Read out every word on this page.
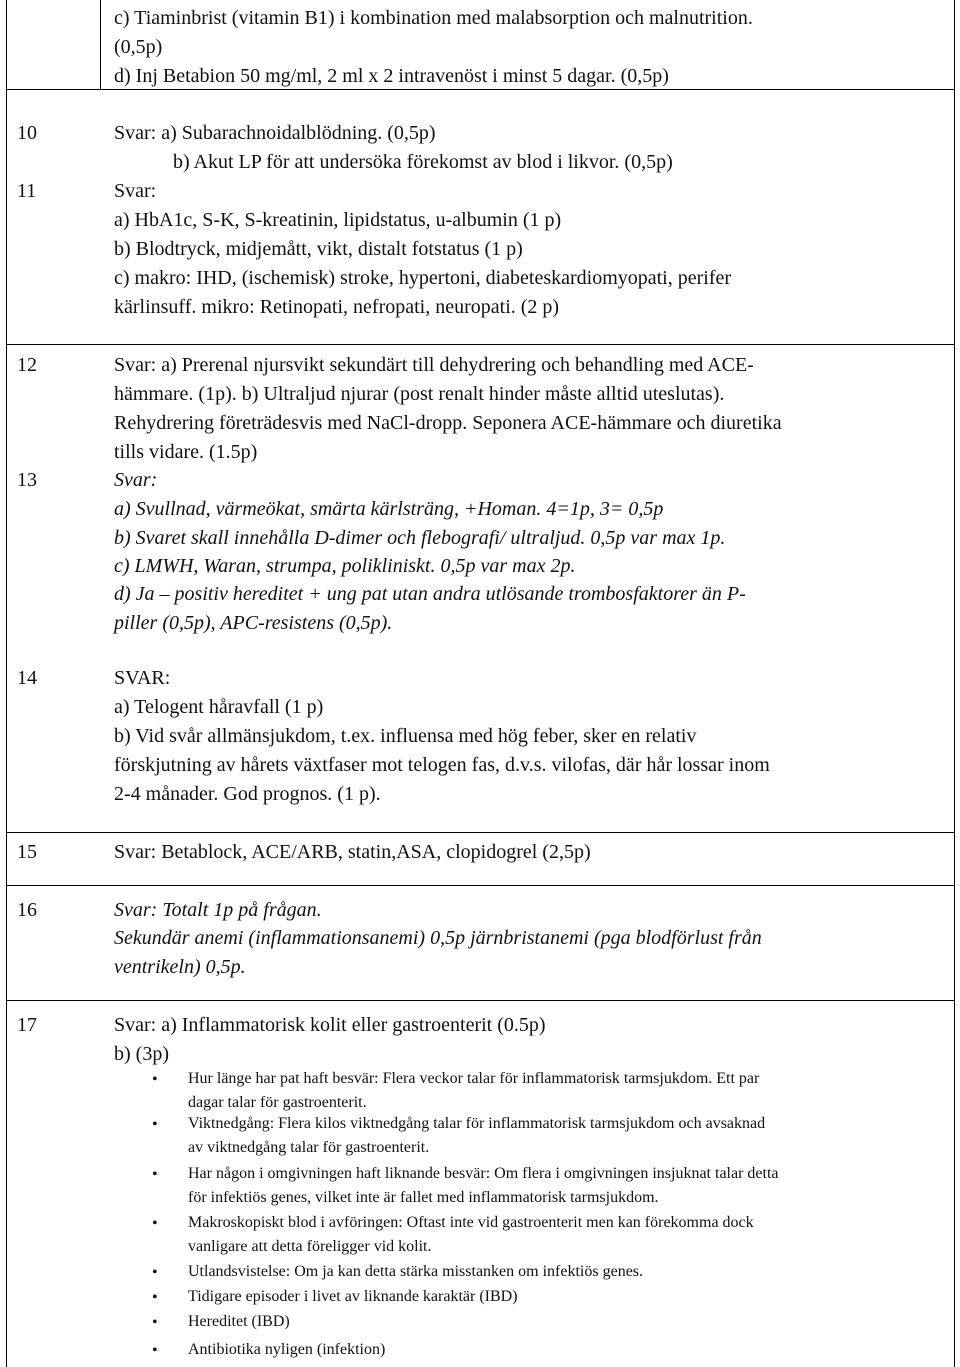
c) Tiaminbrist (vitamin B1) i kombination med malabsorption och malnutrition.
(0,5p)
d) Inj Betabion 50 mg/ml, 2 ml x 2 intravenöst i minst 5 dagar. (0,5p)
10	Svar: a) Subarachnoidalblödning. (0,5p)
b) Akut LP för att undersöka förekomst av blod i likvor. (0,5p)
11	Svar:
a) HbA1c, S-K, S-kreatinin, lipidstatus, u-albumin (1 p)
b) Blodtryck, midjemått, vikt, distalt fotstatus (1 p)
c) makro: IHD, (ischemisk) stroke, hypertoni, diabeteskardiomyopati, perifer
kärlinsuff. mikro: Retinopati, nefropati, neuropati. (2 p)
12	Svar: a) Prerenal njursvikt sekundärt till dehydrering och behandling med ACE-
hämmare. (1p). b) Ultraljud njurar (post renalt hinder måste alltid uteslutas).
Rehydrering företrädesvis med NaCl-dropp. Seponera ACE-hämmare och diuretika
tills vidare. (1.5p)
13	Svar:
a) Svullnad, värmeökat, smärta kärlsträng, +Homan. 4=1p, 3= 0,5p
b) Svaret skall innehålla D-dimer och flebografi/ ultraljud. 0,5p var max 1p.
c) LMWH, Waran, strumpa, polikliniskt. 0,5p var max 2p.
d) Ja – positiv hereditet + ung pat utan andra utlösande trombosfaktorer än P-
piller (0,5p), APC-resistens (0,5p).
14	SVAR:
a) Telogent håravfall (1 p)
b) Vid svår allmänsjukdom, t.ex. influensa med hög feber, sker en relativ
förskjutning av hårets växtfaser mot telogen fas, d.v.s. vilofas, där hår lossar inom
2-4 månader. God prognos. (1 p).
15	Svar: Betablock, ACE/ARB, statin,ASA, clopidogrel (2,5p)
16	Svar: Totalt 1p på frågan.
Sekundär anemi (inflammationsanemi) 0,5p järnbristanemi (pga blodförlust från
ventrikeln) 0,5p.
17	Svar: a) Inflammatorisk kolit eller gastroenterit (0.5p)
b) (3p)
• Hur länge har pat haft besvär: Flera veckor talar för inflammatorisk tarmsjukdom. Ett par
dagar talar för gastroenterit.
• Viktnedgång: Flera kilos viktnedgång talar för inflammatorisk tarmsjukdom och avsaknad
av viktnedgång talar för gastroenterit.
• Har någon i omgivningen haft liknande besvär: Om flera i omgivningen insjuknat talar detta
för infektiös genes, vilket inte är fallet med inflammatorisk tarmsjukdom.
• Makroskopiskt blod i avföringen: Oftast inte vid gastroenterit men kan förekomma dock
vanligare att detta föreligger vid kolit.
• Utlandsvistelse: Om ja kan detta stärka misstanken om infektiös genes.
• Tidigare episoder i livet av liknande karaktär (IBD)
• Hereditet (IBD)
• Antibiotika nyligen (infektion)
